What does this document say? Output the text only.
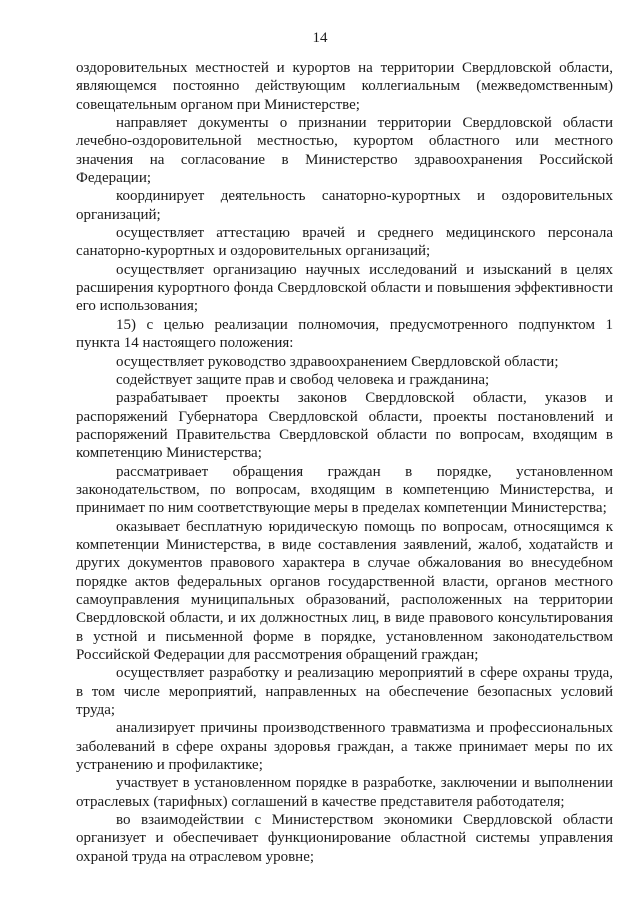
14

оздоровительных местностей и курортов на территории Свердловской области, являющемся постоянно действующим коллегиальным (межведомственным) совещательным органом при Министерстве;

направляет документы о признании территории Свердловской области лечебно-оздоровительной местностью, курортом областного или местного значения на согласование в Министерство здравоохранения Российской Федерации;

координирует деятельность санаторно-курортных и оздоровительных организаций;

осуществляет аттестацию врачей и среднего медицинского персонала санаторно-курортных и оздоровительных организаций;

осуществляет организацию научных исследований и изысканий в целях расширения курортного фонда Свердловской области и повышения эффективности его использования;

15) с целью реализации полномочия, предусмотренного подпунктом 1 пункта 14 настоящего положения:

осуществляет руководство здравоохранением Свердловской области;

содействует защите прав и свобод человека и гражданина;

разрабатывает проекты законов Свердловской области, указов и распоряжений Губернатора Свердловской области, проекты постановлений и распоряжений Правительства Свердловской области по вопросам, входящим в компетенцию Министерства;

рассматривает обращения граждан в порядке, установленном законодательством, по вопросам, входящим в компетенцию Министерства, и принимает по ним соответствующие меры в пределах компетенции Министерства;

оказывает бесплатную юридическую помощь по вопросам, относящимся к компетенции Министерства, в виде составления заявлений, жалоб, ходатайств и других документов правового характера в случае обжалования во внесудебном порядке актов федеральных органов государственной власти, органов местного самоуправления муниципальных образований, расположенных на территории Свердловской области, и их должностных лиц, в виде правового консультирования в устной и письменной форме в порядке, установленном законодательством Российской Федерации для рассмотрения обращений граждан;

осуществляет разработку и реализацию мероприятий в сфере охраны труда, в том числе мероприятий, направленных на обеспечение безопасных условий труда;

анализирует причины производственного травматизма и профессиональных заболеваний в сфере охраны здоровья граждан, а также принимает меры по их устранению и профилактике;

участвует в установленном порядке в разработке, заключении и выполнении отраслевых (тарифных) соглашений в качестве представителя работодателя;

во взаимодействии с Министерством экономики Свердловской области организует и обеспечивает функционирование областной системы управления охраной труда на отраслевом уровне;
